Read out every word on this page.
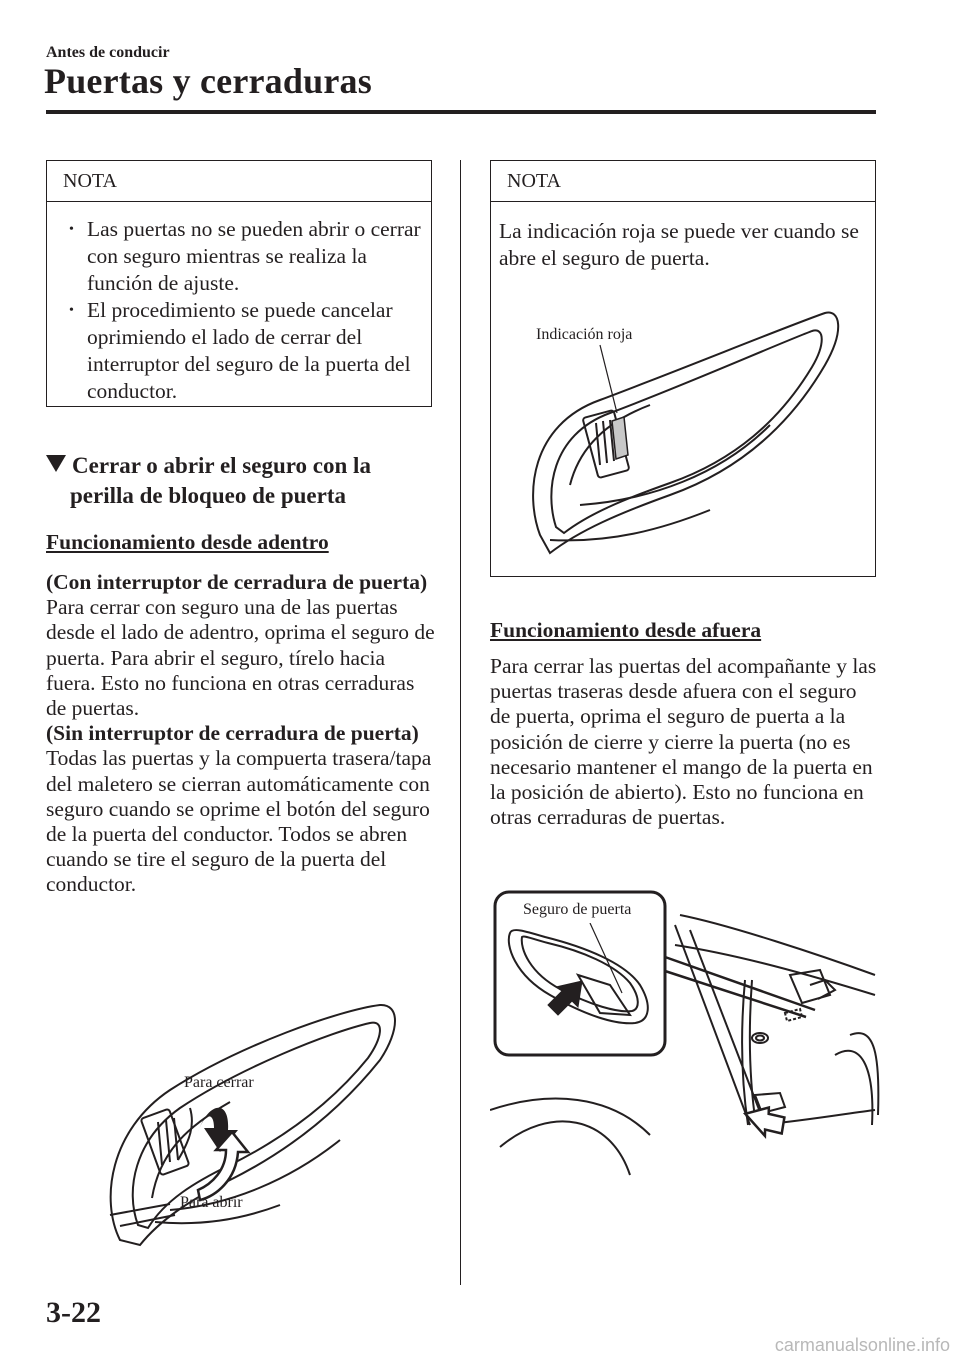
Antes de conducir
Puertas y cerraduras
NOTA
• Las puertas no se pueden abrir o cerrar con seguro mientras se realiza la función de ajuste.
• El procedimiento se puede cancelar oprimiendo el lado de cerrar del interruptor del seguro de la puerta del conductor.
Cerrar o abrir el seguro con la
perilla de bloqueo de puerta
Funcionamiento desde adentro

(Con interruptor de cerradura de puerta)

Para cerrar con seguro una de las puertas desde el lado de adentro, oprima el seguro de puerta. Para abrir el seguro, tírelo hacia fuera. Esto no funciona en otras cerraduras de puertas.

(Sin interruptor de cerradura de puerta)

Todas las puertas y la compuerta trasera/tapa del maletero se cierran automáticamente con seguro cuando se oprime el botón del seguro de la puerta del conductor. Todos se abren cuando se tire el seguro de la puerta del conductor.

Para cerrar
Para abrir
NOTA
La indicación roja se puede ver cuando se abre el seguro de puerta.
Indicación roja
Funcionamiento desde afuera
Para cerrar las puertas del acompañante y las puertas traseras desde afuera con el seguro de puerta, oprima el seguro de puerta a la posición de cierre y cierre la puerta (no es necesario mantener el mango de la puerta en la posición de abierto). Esto no funciona en otras cerraduras de puertas.
Seguro de puerta
3-22
carmanualsonline.info
